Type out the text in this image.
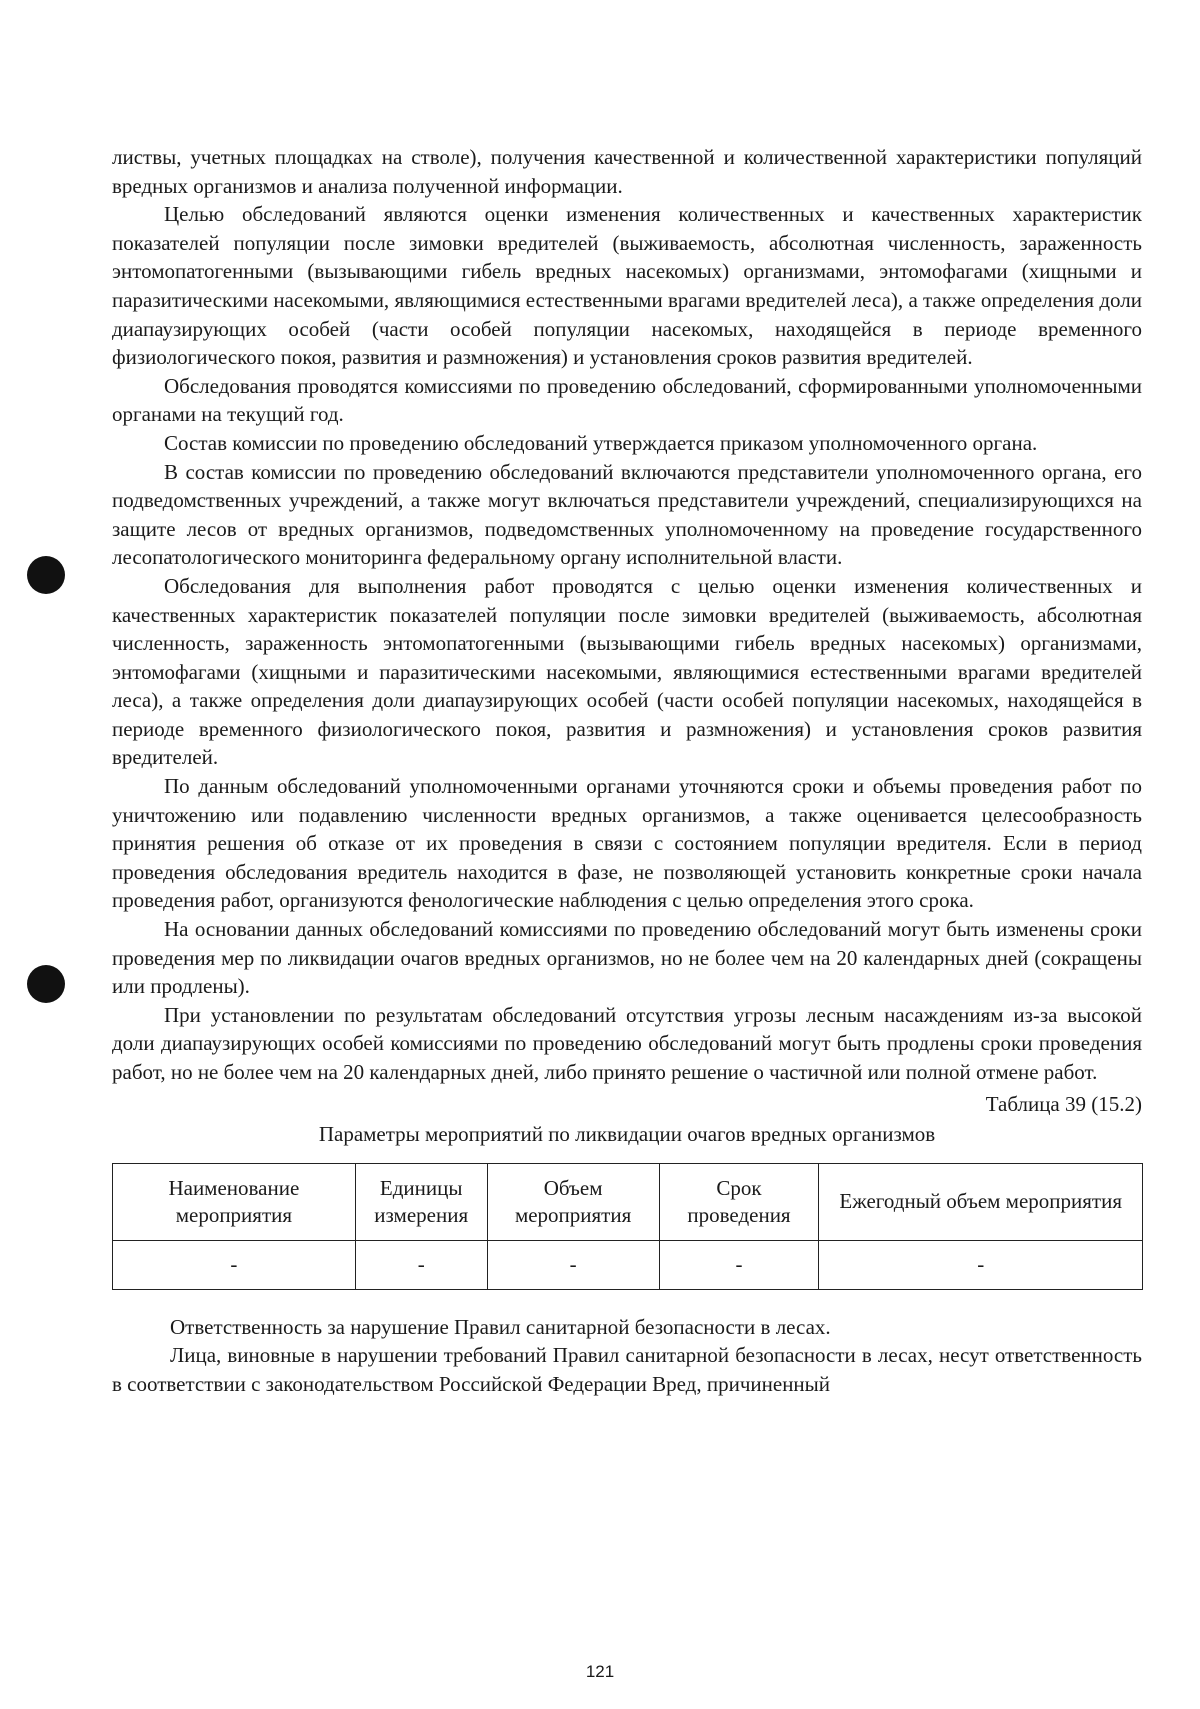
листвы, учетных площадках на стволе), получения качественной и количественной характеристики популяций вредных организмов и анализа полученной информации.

Целью обследований являются оценки изменения количественных и качественных характеристик показателей популяции после зимовки вредителей (выживаемость, абсолютная численность, зараженность энтомопатогенными (вызывающими гибель вредных насекомых) организмами, энтомофагами (хищными и паразитическими насекомыми, являющимися естественными врагами вредителей леса), а также определения доли диапаузирующих особей (части особей популяции насекомых, находящейся в периоде временного физиологического покоя, развития и размножения) и установления сроков развития вредителей.

Обследования проводятся комиссиями по проведению обследований, сформированными уполномоченными органами на текущий год.

Состав комиссии по проведению обследований утверждается приказом уполномоченного органа.

В состав комиссии по проведению обследований включаются представители уполномоченного органа, его подведомственных учреждений, а также могут включаться представители учреждений, специализирующихся на защите лесов от вредных организмов, подведомственных уполномоченному на проведение государственного лесопатологического мониторинга федеральному органу исполнительной власти.

Обследования для выполнения работ проводятся с целью оценки изменения количественных и качественных характеристик показателей популяции после зимовки вредителей (выживаемость, абсолютная численность, зараженность энтомопатогенными (вызывающими гибель вредных насекомых) организмами, энтомофагами (хищными и паразитическими насекомыми, являющимися естественными врагами вредителей леса), а также определения доли диапаузирующих особей (части особей популяции насекомых, находящейся в периоде временного физиологического покоя, развития и размножения) и установления сроков развития вредителей.

По данным обследований уполномоченными органами уточняются сроки и объемы проведения работ по уничтожению или подавлению численности вредных организмов, а также оценивается целесообразность принятия решения об отказе от их проведения в связи с состоянием популяции вредителя. Если в период проведения обследования вредитель находится в фазе, не позволяющей установить конкретные сроки начала проведения работ, организуются фенологические наблюдения с целью определения этого срока.

На основании данных обследований комиссиями по проведению обследований могут быть изменены сроки проведения мер по ликвидации очагов вредных организмов, но не более чем на 20 календарных дней (сокращены или продлены).

При установлении по результатам обследований отсутствия угрозы лесным насаждениям из-за высокой доли диапаузирующих особей комиссиями по проведению обследований могут быть продлены сроки проведения работ, но не более чем на 20 календарных дней, либо принято решение о частичной или полной отмене работ.

Таблица 39 (15.2)
Параметры мероприятий по ликвидации очагов вредных организмов
Наименование мероприятия	Единицы измерения	Объем мероприятия	Срок проведения	Ежегодный объем мероприятия
-	-	-	-	-

Ответственность за нарушение Правил санитарной безопасности в лесах.

Лица, виновные в нарушении требований Правил санитарной безопасности в лесах, несут ответственность в соответствии с законодательством Российской Федерации Вред, причиненный

121
